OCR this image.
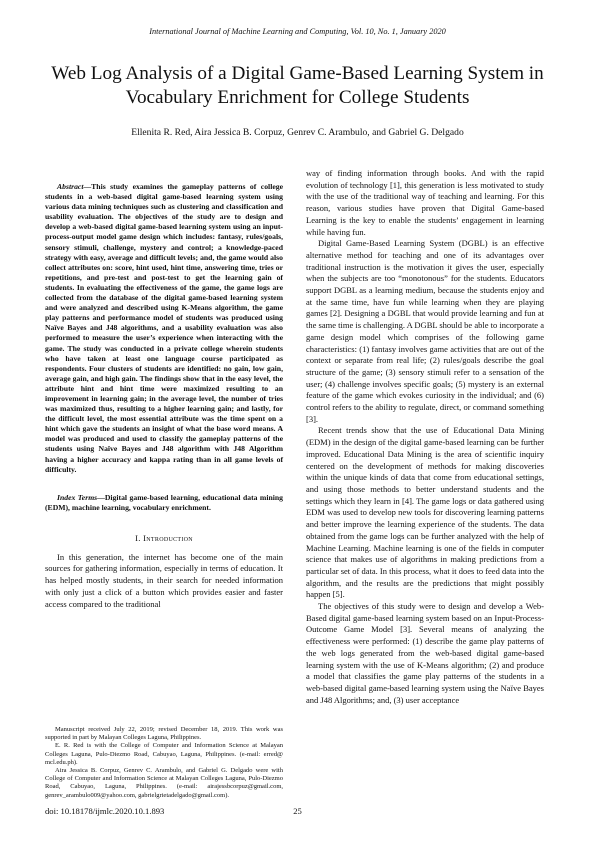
International Journal of Machine Learning and Computing, Vol. 10, No. 1, January 2020
Web Log Analysis of a Digital Game-Based Learning System in Vocabulary Enrichment for College Students
Ellenita R. Red, Aira Jessica B. Corpuz, Genrev C. Arambulo, and Gabriel G. Delgado

Abstract—This study examines the gameplay patterns of college students in a web-based digital game-based learning system using various data mining techniques such as clustering and classification and usability evaluation. The objectives of the study are to design and develop a web-based digital game-based learning system using an input-process-output model game design which includes: fantasy, rules/goals, sensory stimuli, challenge, mystery and control; a knowledge-paced strategy with easy, average and difficult levels; and, the game would also collect attributes on: score, hint used, hint time, answering time, tries or repetitions, and pre-test and post-test to get the learning gain of students. In evaluating the effectiveness of the game, the game logs are collected from the database of the digital game-based learning system and were analyzed and described using K-Means algorithm, the game play patterns and performance model of students was produced using Naïve Bayes and J48 algorithms, and a usability evaluation was also performed to measure the user’s experience when interacting with the game. The study was conducted in a private college wherein students who have taken at least one language course participated as respondents. Four clusters of students are identified: no gain, low gain, average gain, and high gain. The findings show that in the easy level, the attribute hint and hint time were maximized resulting to an improvement in learning gain; in the average level, the number of tries was maximized thus, resulting to a higher learning gain; and lastly, for the difficult level, the most essential attribute was the time spent on a hint which gave the students an insight of what the base word means. A model was produced and used to classify the gameplay patterns of the students using Naïve Bayes and J48 algorithm with J48 Algorithm having a higher accuracy and kappa rating than in all game levels of difficulty.

Index Terms—Digital game-based learning, educational data mining (EDM), machine learning, vocabulary enrichment.

I. Introduction

In this generation, the internet has become one of the main sources for gathering information, especially in terms of education. It has helped mostly students, in their search for needed information with only just a click of a button which provides easier and faster access compared to the traditional

way of finding information through books. And with the rapid evolution of technology [1], this generation is less motivated to study with the use of the traditional way of teaching and learning. For this reason, various studies have proven that Digital Game-based Learning is the key to enable the students’ engagement in learning while having fun.

Digital Game-Based Learning System (DGBL) is an effective alternative method for teaching and one of its advantages over traditional instruction is the motivation it gives the user, especially when the subjects are too “monotonous” for the students. Educators support DGBL as a learning medium, because the students enjoy and at the same time, have fun while learning when they are playing games [2]. Designing a DGBL that would provide learning and fun at the same time is challenging. A DGBL should be able to incorporate a game design model which comprises of the following game characteristics: (1) fantasy involves game activities that are out of the context or separate from real life; (2) rules/goals describe the goal structure of the game; (3) sensory stimuli refer to a sensation of the user; (4) challenge involves specific goals; (5) mystery is an external feature of the game which evokes curiosity in the individual; and (6) control refers to the ability to regulate, direct, or command something [3].

Recent trends show that the use of Educational Data Mining (EDM) in the design of the digital game-based learning can be further improved. Educational Data Mining is the area of scientific inquiry centered on the development of methods for making discoveries within the unique kinds of data that come from educational settings, and using those methods to better understand students and the settings which they learn in [4]. The game logs or data gathered using EDM was used to develop new tools for discovering learning patterns and better improve the learning experience of the students. The data obtained from the game logs can be further analyzed with the help of Machine Learning. Machine learning is one of the fields in computer science that makes use of algorithms in making predictions from a particular set of data. In this process, what it does to feed data into the algorithm, and the results are the predictions that might possibly happen [5].

The objectives of this study were to design and develop a Web-Based digital game-based learning system based on an Input-Process-Outcome Game Model [3]. Several means of analyzing the effectiveness were performed: (1) describe the game play patterns of the web logs generated from the web-based digital game-based learning system with the use of K-Means algorithm; (2) and produce a model that classifies the game play patterns of the students in a web-based digital game-based learning system using the Naïve Bayes and J48 Algorithms; and, (3) user acceptance

Manuscript received July 22, 2019; revised December 18, 2019. This work was supported in part by Malayan Colleges Laguna, Philippines.

E. R. Red is with the College of Computer and Information Science at Malayan Colleges Laguna, Pulo-Diezmo Road, Cabuyao, Laguna, Philippines. (e-mail: erred@ mcl.edu.ph).

Aira Jessica B. Corpuz, Genrev C. Arambulo, and Gabriel G. Delgado were with College of Computer and Information Science at Malayan Colleges Laguna, Pulo-Diezmo Road, Cabuyao, Laguna, Philippines. (e-mail: airajessbcorpuz@gmail.com, genrev_arambulo009@yahoo.com, gabrielgrietadelgado@gmail.com).

doi: 10.18178/ijmlc.2020.10.1.893	25
